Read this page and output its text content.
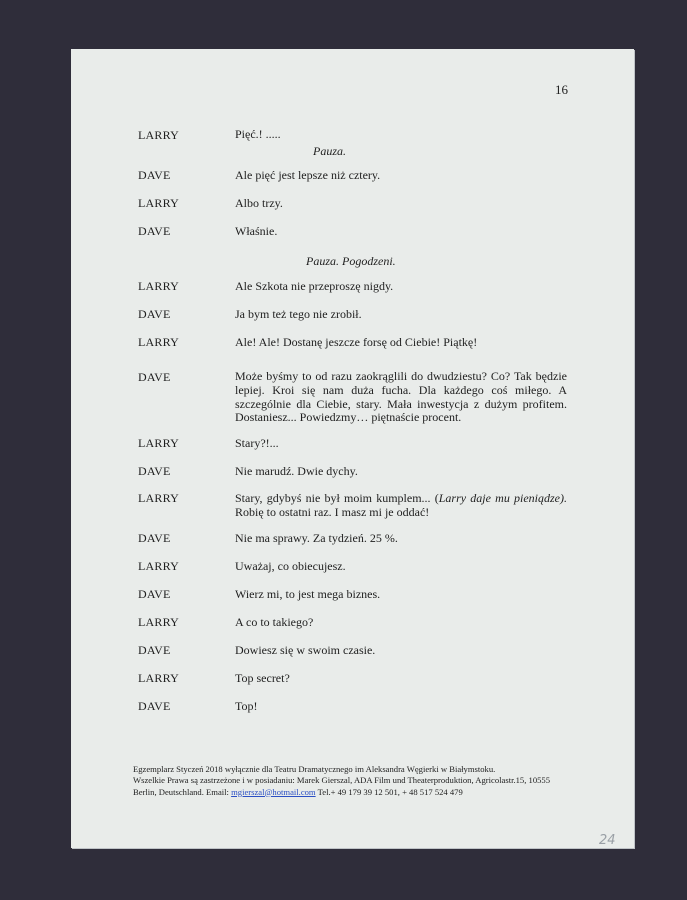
16
LARRY	Pięć.! .....
Pauza.
DAVE	Ale pięć jest lepsze niż cztery.
LARRY	Albo trzy.
DAVE	Właśnie.
Pauza. Pogodzeni.
LARRY	Ale Szkota nie przeproszę nigdy.
DAVE	Ja bym też tego nie zrobił.
LARRY	Ale! Ale! Dostanę jeszcze forsę od Ciebie! Piątkę!
DAVE	Może byśmy to od razu zaokrąglili do dwudziestu? Co? Tak będzie lepiej. Kroi się nam duża fucha. Dla każdego coś miłego. A szczególnie dla Ciebie, stary. Mała inwestycja z dużym profitem. Dostaniesz... Powiedzmy… piętnaście procent.
LARRY	Stary?!...
DAVE	Nie marudź. Dwie dychy.
LARRY	Stary, gdybyś nie był moim kumplem... (Larry daje mu pieniądze). Robię to ostatni raz. I masz mi je oddać!
DAVE	Nie ma sprawy. Za tydzień. 25 %.
LARRY	Uważaj, co obiecujesz.
DAVE	Wierz mi, to jest mega biznes.
LARRY	A co to takiego?
DAVE	Dowiesz się w swoim czasie.
LARRY	Top secret?
DAVE	Top!
Egzemplarz Styczeń 2018 wyłącznie dla Teatru Dramatycznego im Aleksandra Węgierki w Białymstoku.
Wszelkie Prawa są zastrzeżone i w posiadaniu: Marek Gierszal, ADA Film und Theaterproduktion, Agricolastr.15, 10555
Berlin, Deutschland. Email: mgierszal@hotmail.com Tel.+ 49 179 39 12 501, + 48 517 524 479
24
